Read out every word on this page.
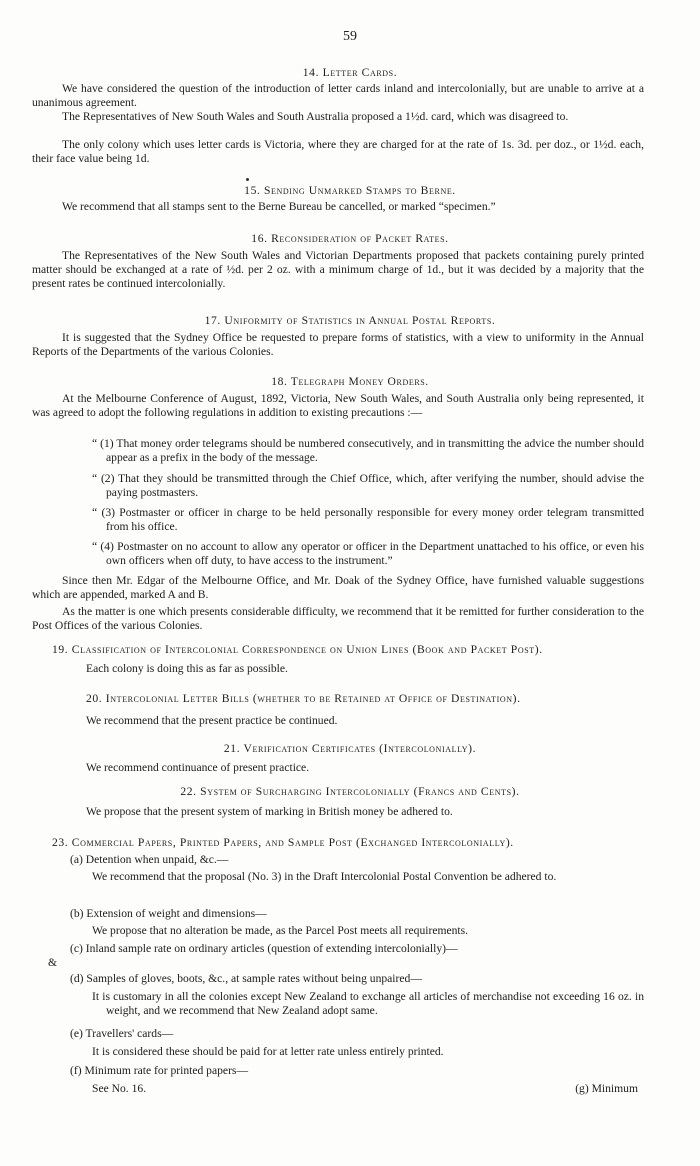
59
14. Letter Cards.
We have considered the question of the introduction of letter cards inland and intercolonially, but are unable to arrive at a unanimous agreement.
The Representatives of New South Wales and South Australia proposed a 1½d. card, which was disagreed to.
The only colony which uses letter cards is Victoria, where they are charged for at the rate of 1s. 3d. per doz., or 1½d. each, their face value being 1d.
15. Sending Unmarked Stamps to Berne.
We recommend that all stamps sent to the Berne Bureau be cancelled, or marked “specimen.”
16. Reconsideration of Packet Rates.
The Representatives of the New South Wales and Victorian Departments proposed that packets containing purely printed matter should be exchanged at a rate of ½d. per 2 oz. with a minimum charge of 1d., but it was decided by a majority that the present rates be continued intercolonially.
17. Uniformity of Statistics in Annual Postal Reports.
It is suggested that the Sydney Office be requested to prepare forms of statistics, with a view to uniformity in the Annual Reports of the Departments of the various Colonies.
18. Telegraph Money Orders.
At the Melbourne Conference of August, 1892, Victoria, New South Wales, and South Australia only being represented, it was agreed to adopt the following regulations in addition to existing precautions :—
“ (1) That money order telegrams should be numbered consecutively, and in transmitting the advice the number should appear as a prefix in the body of the message.
“ (2) That they should be transmitted through the Chief Office, which, after verifying the number, should advise the paying postmasters.
“ (3) Postmaster or officer in charge to be held personally responsible for every money order telegram transmitted from his office.
“ (4) Postmaster on no account to allow any operator or officer in the Department unattached to his office, or even his own officers when off duty, to have access to the instrument.”
Since then Mr. Edgar of the Melbourne Office, and Mr. Doak of the Sydney Office, have furnished valuable suggestions which are appended, marked A and B.
As the matter is one which presents considerable difficulty, we recommend that it be remitted for further consideration to the Post Offices of the various Colonies.
19. Classification of Intercolonial Correspondence on Union Lines (Book and Packet Post).
Each colony is doing this as far as possible.
20. Intercolonial Letter Bills (whether to be Retained at Office of Destination).
We recommend that the present practice be continued.
21. Verification Certificates (Intercolonially).
We recommend continuance of present practice.
22. System of Surcharging Intercolonially (Francs and Cents).
We propose that the present system of marking in British money be adhered to.
23. Commercial Papers, Printed Papers, and Sample Post (Exchanged Intercolonially).
(a) Detention when unpaid, &c.—
We recommend that the proposal (No. 3) in the Draft Intercolonial Postal Convention be adhered to.
(b) Extension of weight and dimensions—
We propose that no alteration be made, as the Parcel Post meets all requirements.
(c) Inland sample rate on ordinary articles (question of extending intercolonially)—
&
(d) Samples of gloves, boots, &c., at sample rates without being unpaired—
It is customary in all the colonies except New Zealand to exchange all articles of merchandise not exceeding 16 oz. in weight, and we recommend that New Zealand adopt same.
(e) Travellers' cards—
It is considered these should be paid for at letter rate unless entirely printed.
(f) Minimum rate for printed papers—
See No. 16.	(g) Minimum
